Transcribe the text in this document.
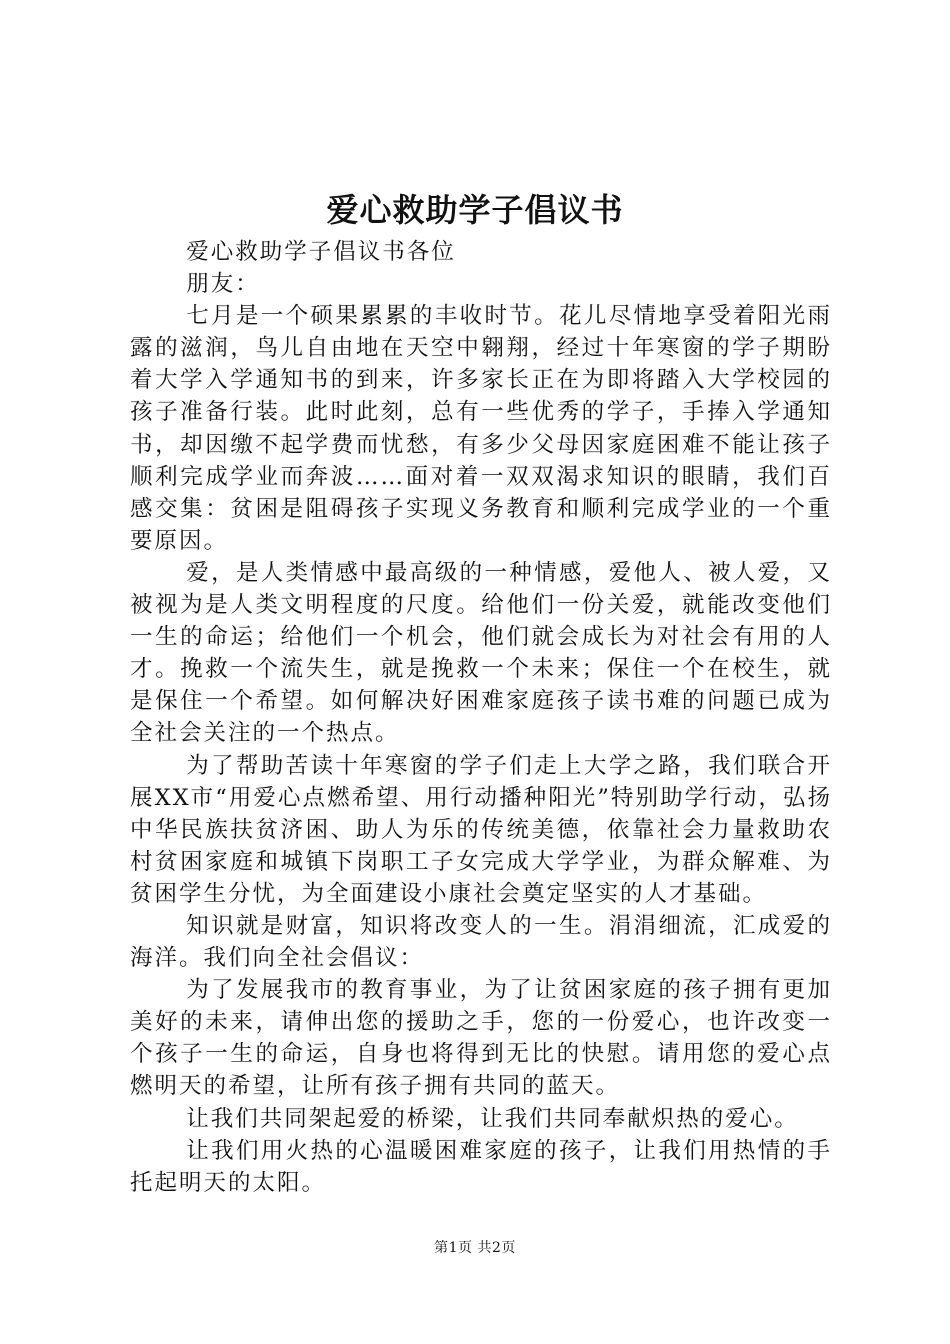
爱心救助学子倡议书

爱心救助学子倡议书各位

朋友：

七月是一个硕果累累的丰收时节。花儿尽情地享受着阳光雨露的滋润，鸟儿自由地在天空中翱翔，经过十年寒窗的学子期盼着大学入学通知书的到来，许多家长正在为即将踏入大学校园的孩子准备行装。此时此刻，总有一些优秀的学子，手捧入学通知书，却因缴不起学费而忧愁，有多少父母因家庭困难不能让孩子顺利完成学业而奔波……面对着一双双渴求知识的眼睛，我们百感交集：贫困是阻碍孩子实现义务教育和顺利完成学业的一个重要原因。

爱，是人类情感中最高级的一种情感，爱他人、被人爱，又被视为是人类文明程度的尺度。给他们一份关爱，就能改变他们一生的命运；给他们一个机会，他们就会成长为对社会有用的人才。挽救一个流失生，就是挽救一个未来；保住一个在校生，就是保住一个希望。如何解决好困难家庭孩子读书难的问题已成为全社会关注的一个热点。

为了帮助苦读十年寒窗的学子们走上大学之路，我们联合开展XX市“用爱心点燃希望、用行动播种阳光”特别助学行动，弘扬中华民族扶贫济困、助人为乐的传统美德，依靠社会力量救助农村贫困家庭和城镇下岗职工子女完成大学学业，为群众解难、为贫困学生分忧，为全面建设小康社会奠定坚实的人才基础。

知识就是财富，知识将改变人的一生。涓涓细流，汇成爱的海洋。我们向全社会倡议：

为了发展我市的教育事业，为了让贫困家庭的孩子拥有更加美好的未来，请伸出您的援助之手，您的一份爱心，也许改变一个孩子一生的命运，自身也将得到无比的快慰。请用您的爱心点燃明天的希望，让所有孩子拥有共同的蓝天。

让我们共同架起爱的桥梁，让我们共同奉献炽热的爱心。

让我们用火热的心温暖困难家庭的孩子，让我们用热情的手托起明天的太阳。

第1页 共2页
